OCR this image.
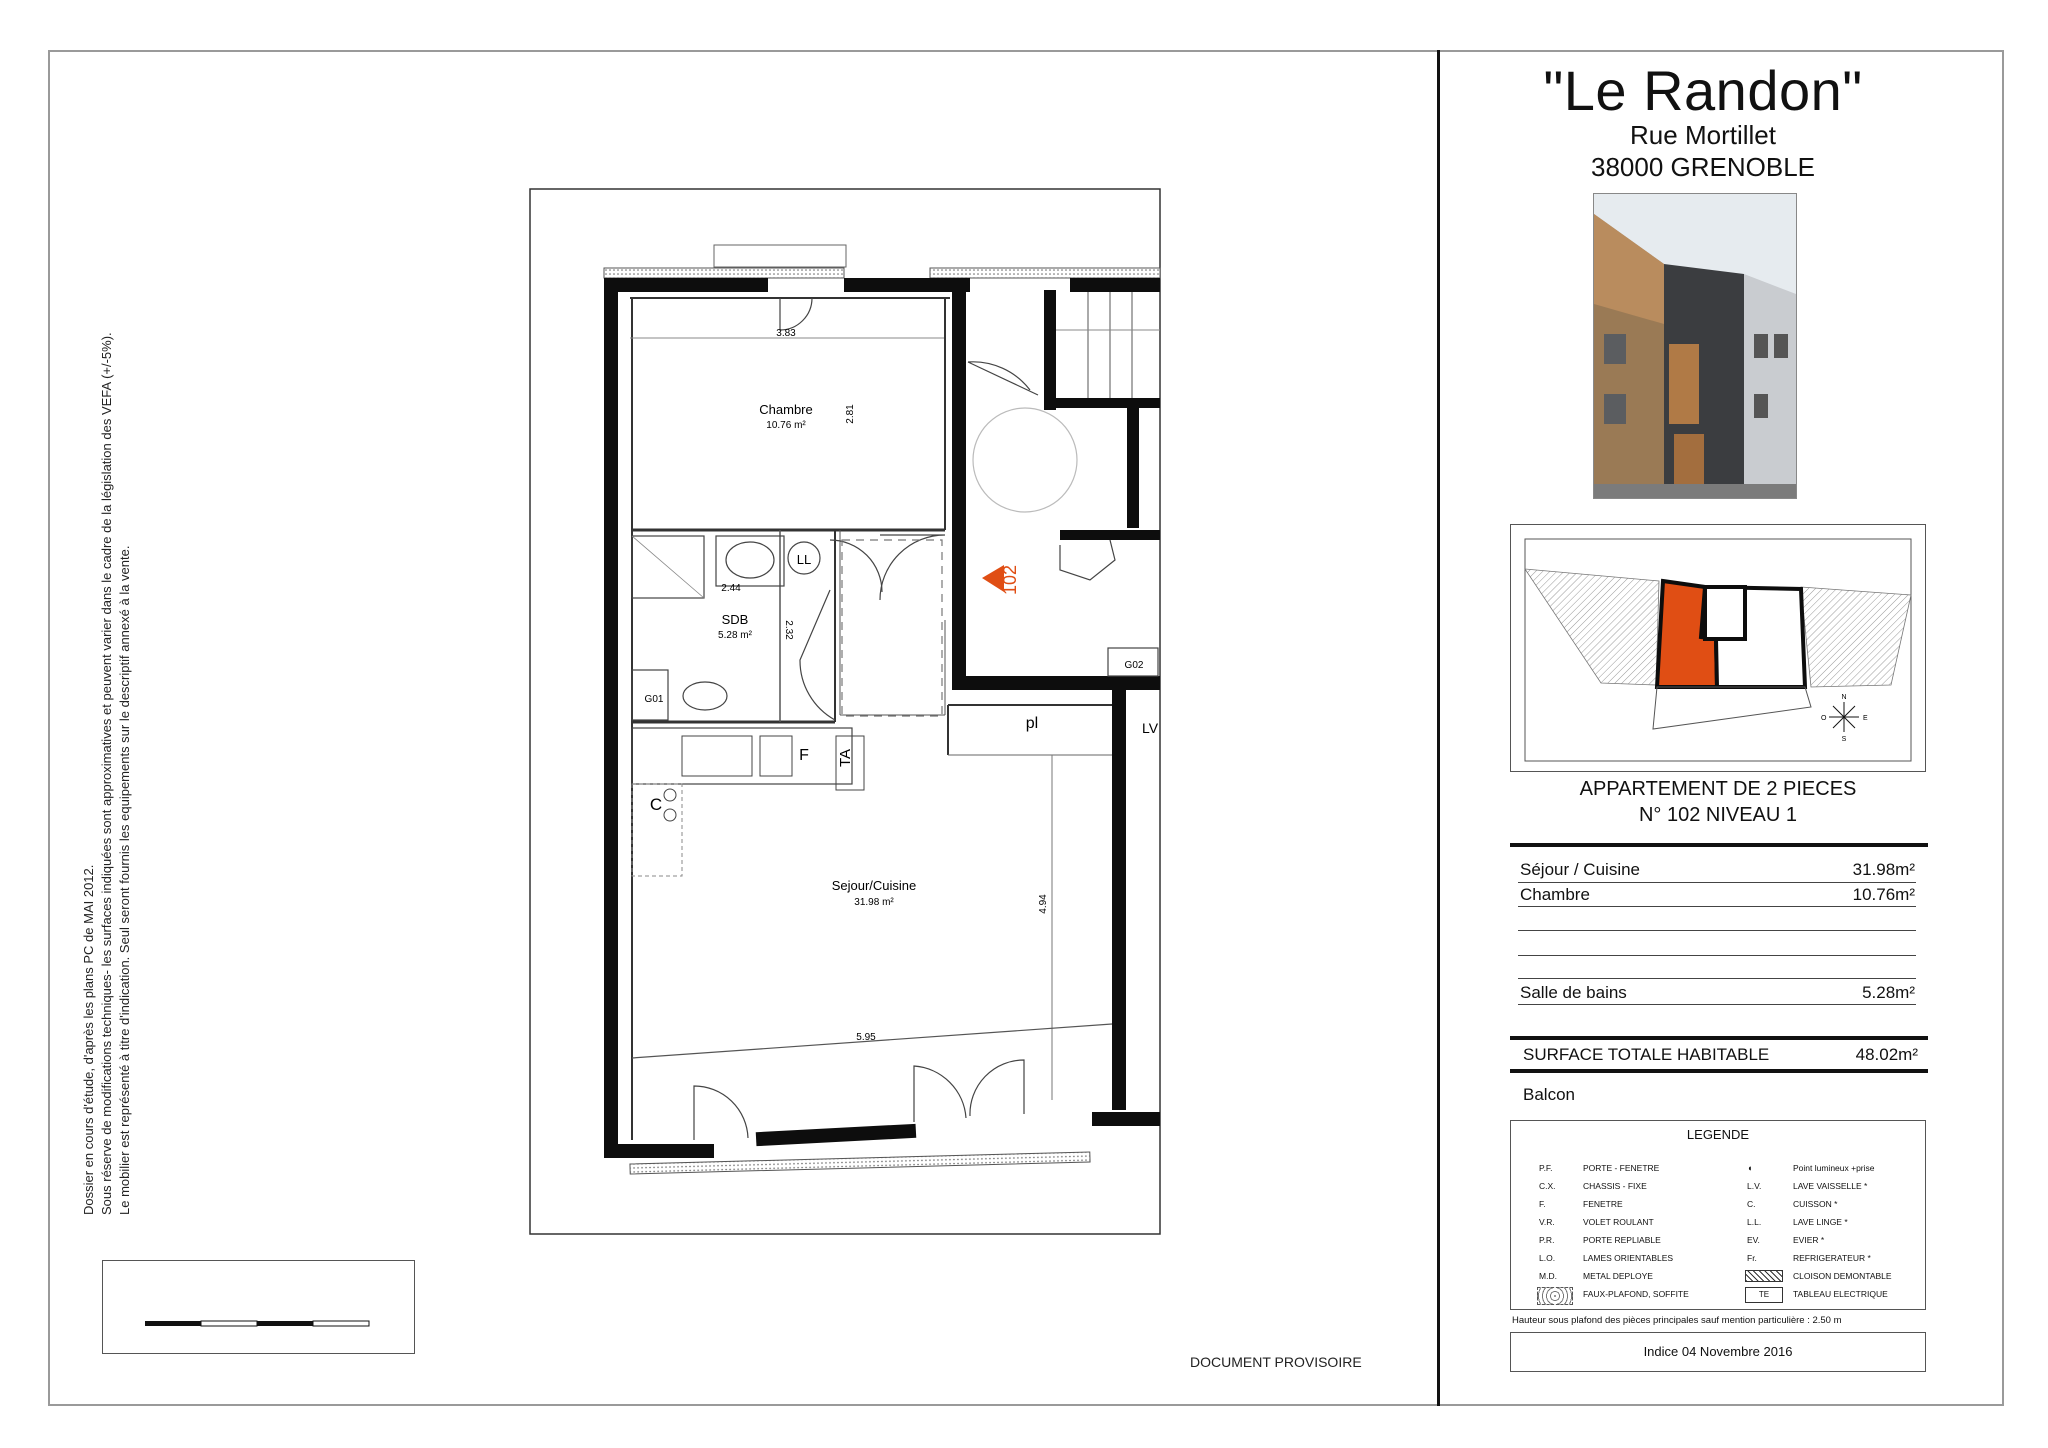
Dossier en cours d'étude, d'après les plans PC de MAI 2012. Sous réserve de modifications techniques- les surfaces indiquées sont approximatives et peuvent varier dans le cadre de la législation des VEFA (+/-5%). Le mobilier est représenté à titre d'indication. Seul seront fournis les equipements sur le descriptif annexé à la vente.
DOCUMENT PROVISOIRE
Chambre
10.76 m²
SDB
5.28 m²
Sejour/Cuisine
31.98 m²
3.83
2.81
2.44
2.32
4.94
5.95
LL
G01
G02
F TA
C
pl	LV
102
"Le Randon"
Rue Mortillet
38000 GRENOBLE
N
S
E
O
APPARTEMENT DE 2 PIECES
N° 102 NIVEAU 1
Séjour / Cuisine	31.98m²
Chambre	10.76m²
Salle de bains	5.28m²
SURFACE TOTALE HABITABLE	48.02m²
Balcon
LEGENDE
P.F.	PORTE - FENETRE
C.X.	CHASSIS - FIXE
F.	FENETRE
V.R.	VOLET ROULANT
P.R.	PORTE REPLIABLE
L.O.	LAMES ORIENTABLES
M.D.	METAL DEPLOYE
FAUX-PLAFOND, SOFFITE
◖	Point lumineux +prise
L.V.	LAVE VAISSELLE *
C.	CUISSON *
L.L.	LAVE LINGE *
EV.	EVIER *
Fr.	REFRIGERATEUR *
CLOISON DEMONTABLE
TE	TABLEAU ELECTRIQUE
Hauteur sous plafond des pièces principales sauf mention particulière : 2.50 m
Indice 04 Novembre 2016
